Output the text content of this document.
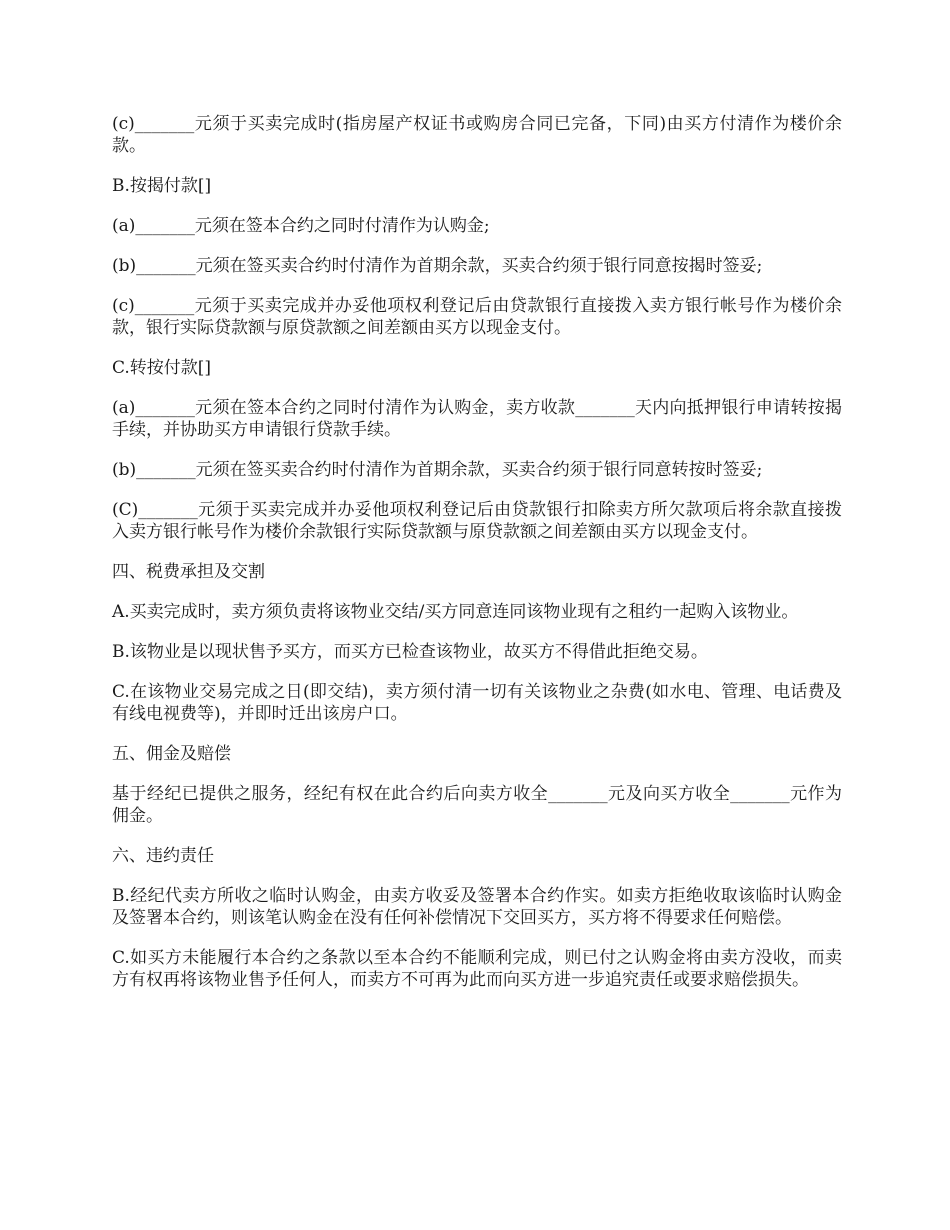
(c)_______元须于买卖完成时(指房屋产权证书或购房合同已完备，下同)由买方付清作为楼价余款。

B.按揭付款[]

(a)_______元须在签本合约之同时付清作为认购金;

(b)_______元须在签买卖合约时付清作为首期余款，买卖合约须于银行同意按揭时签妥;

(c)_______元须于买卖完成并办妥他项权利登记后由贷款银行直接拨入卖方银行帐号作为楼价余款，银行实际贷款额与原贷款额之间差额由买方以现金支付。

C.转按付款[]

(a)_______元须在签本合约之同时付清作为认购金，卖方收款_______天内向抵押银行申请转按揭手续，并协助买方申请银行贷款手续。

(b)_______元须在签买卖合约时付清作为首期余款，买卖合约须于银行同意转按时签妥;

(C)_______元须于买卖完成并办妥他项权利登记后由贷款银行扣除卖方所欠款项后将余款直接拨入卖方银行帐号作为楼价余款银行实际贷款额与原贷款额之间差额由买方以现金支付。

四、税费承担及交割

A.买卖完成时，卖方须负责将该物业交结/买方同意连同该物业现有之租约一起购入该物业。

B.该物业是以现状售予买方，而买方已检查该物业，故买方不得借此拒绝交易。

C.在该物业交易完成之日(即交结)，卖方须付清一切有关该物业之杂费(如水电、管理、电话费及有线电视费等)，并即时迁出该房户口。

五、佣金及赔偿

基于经纪已提供之服务，经纪有权在此合约后向卖方收全_______元及向买方收全_______元作为佣金。

六、违约责任

B.经纪代卖方所收之临时认购金，由卖方收妥及签署本合约作实。如卖方拒绝收取该临时认购金及签署本合约，则该笔认购金在没有任何补偿情况下交回买方，买方将不得要求任何赔偿。

C.如买方未能履行本合约之条款以至本合约不能顺利完成，则已付之认购金将由卖方没收，而卖方有权再将该物业售予任何人，而卖方不可再为此而向买方进一步追究责任或要求赔偿损失。
